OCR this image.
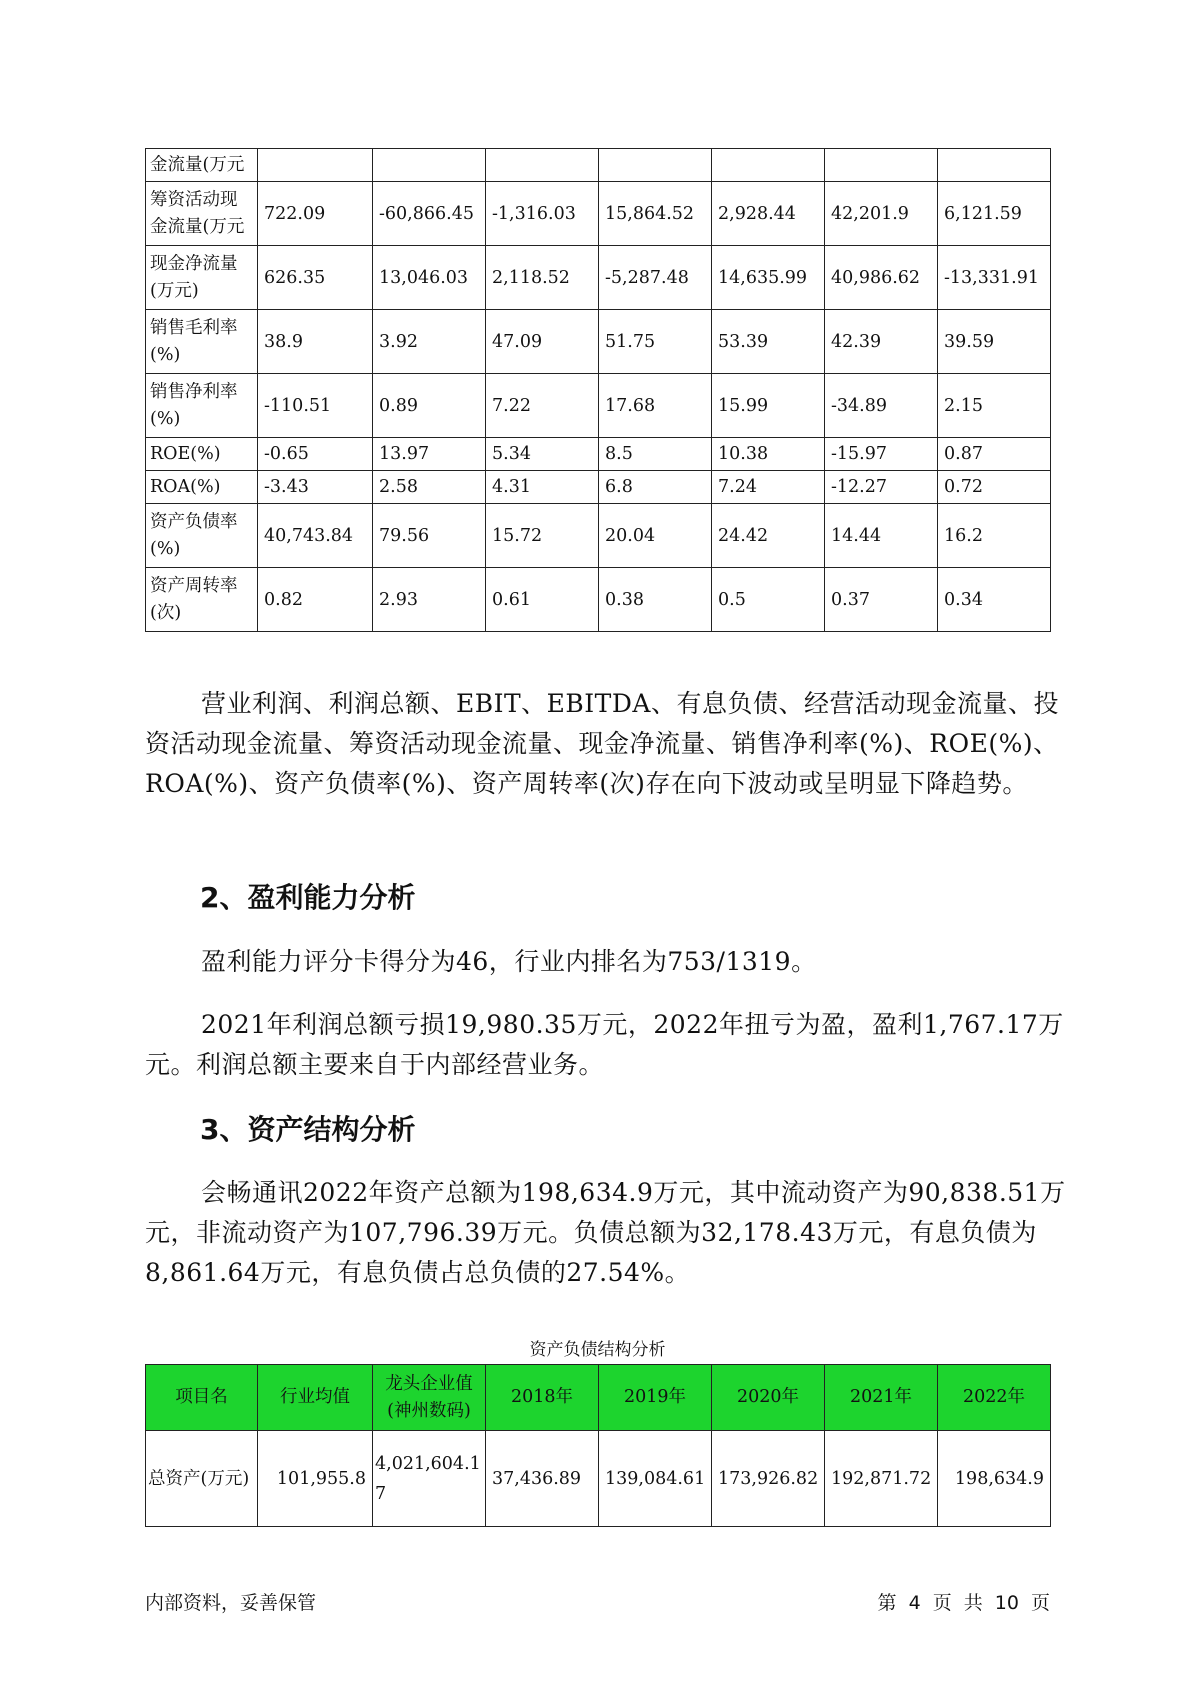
金流量(万元							
筹资活动现金流量(万元	722.09	-60,866.45	-1,316.03	15,864.52	2,928.44	42,201.9	6,121.59
现金净流量(万元)	626.35	13,046.03	2,118.52	-5,287.48	14,635.99	40,986.62	-13,331.91
销售毛利率(%)	38.9	3.92	47.09	51.75	53.39	42.39	39.59
销售净利率(%)	-110.51	0.89	7.22	17.68	15.99	-34.89	2.15
ROE(%)	-0.65	13.97	5.34	8.5	10.38	-15.97	0.87
ROA(%)	-3.43	2.58	4.31	6.8	7.24	-12.27	0.72
资产负债率(%)	40,743.84	79.56	15.72	20.04	24.42	14.44	16.2
资产周转率(次)	0.82	2.93	0.61	0.38	0.5	0.37	0.34

营业利润、利润总额、EBIT、EBITDA、有息负债、经营活动现金流量、投资活动现金流量、筹资活动现金流量、现金净流量、销售净利率(%)、ROE(%)、ROA(%)、资产负债率(%)、资产周转率(次)存在向下波动或呈明显下降趋势。

2、盈利能力分析

盈利能力评分卡得分为46，行业内排名为753/1319。

2021年利润总额亏损19,980.35万元，2022年扭亏为盈，盈利1,767.17万元。利润总额主要来自于内部经营业务。

3、资产结构分析

会畅通讯2022年资产总额为198,634.9万元，其中流动资产为90,838.51万元，非流动资产为107,796.39万元。负债总额为32,178.43万元，有息负债为8,861.64万元，有息负债占总负债的27.54%。

资产负债结构分析
项目名	行业均值	龙头企业值(神州数码)	2018年	2019年	2020年	2021年	2022年
总资产(万元)	101,955.8	4,021,604.17	37,436.89	139,084.61	173,926.82	192,871.72	198,634.9
内部资料，妥善保管	第 4 页 共 10 页
